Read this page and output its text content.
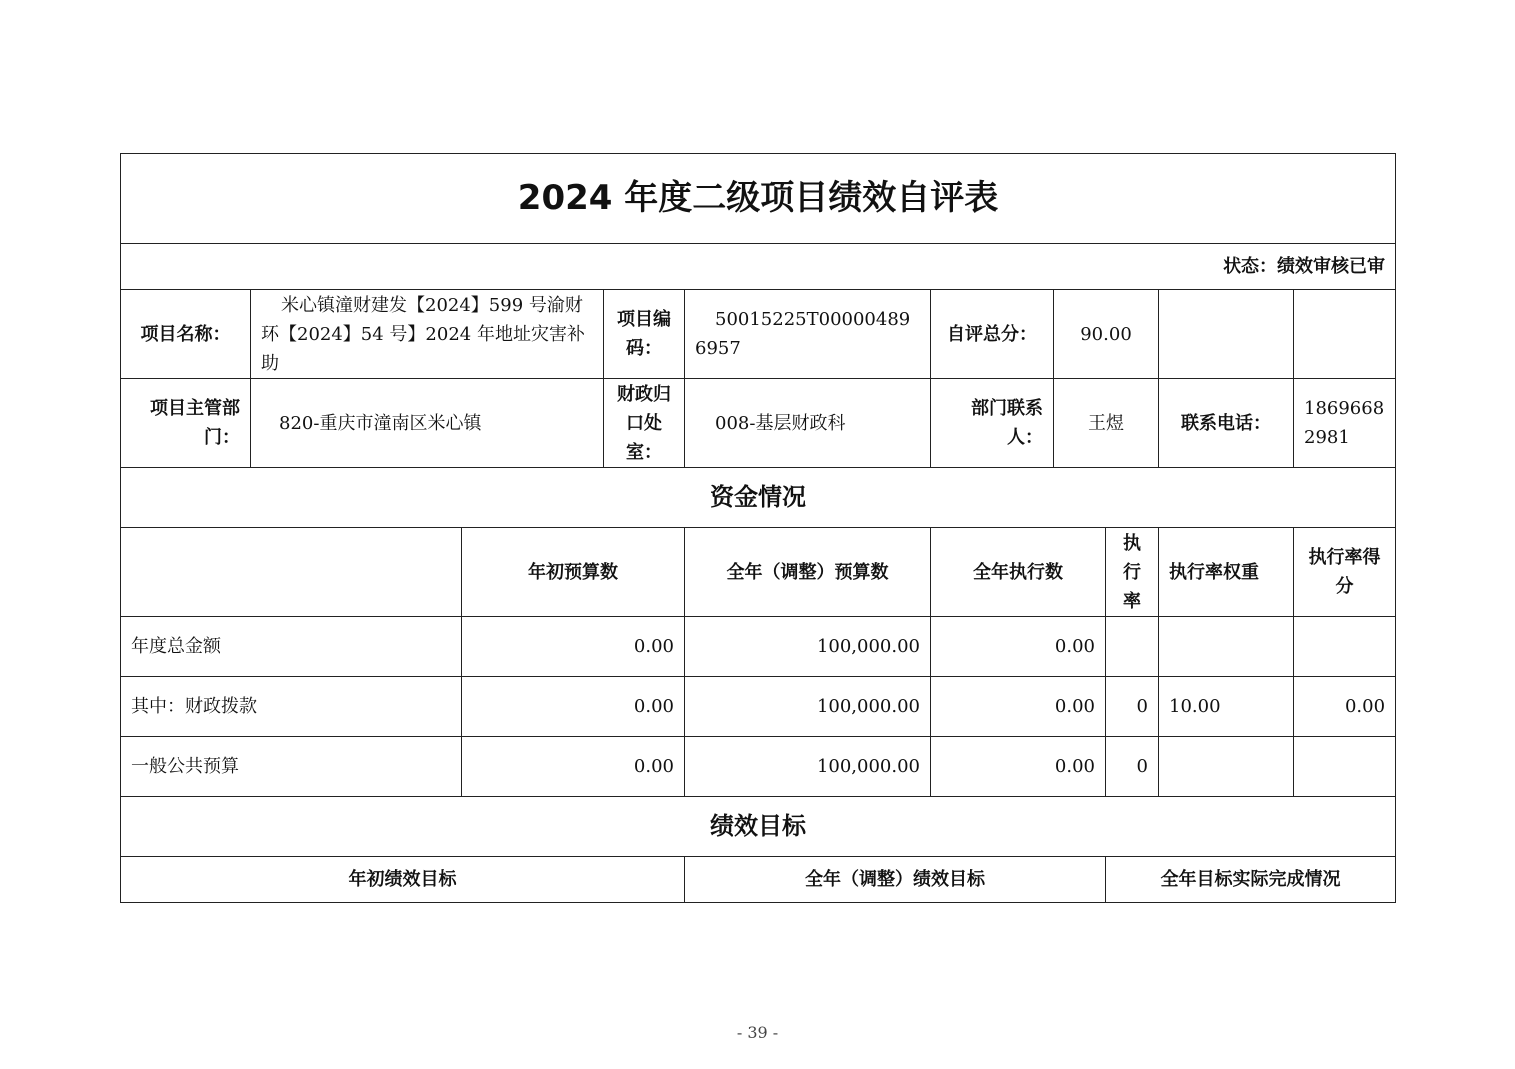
2024 年度二级项目绩效自评表									
状态：绩效审核已审									
项目名称：	米心镇潼财建发【2024】599 号渝财环【2024】54 号】2024 年地址灾害补助		项目编码：	50015225T000004896957	自评总分：	90.00			
项目主管部门：	820-重庆市潼南区米心镇		财政归口处室：	008-基层财政科	部门联系人：	王煜		联系电话：	18696682981
资金情况									
		年初预算数		全年（调整）预算数	全年执行数		执行率	执行率权重	执行率得分
年度总金额		0.00		100,000.00	0.00				
其中：财政拨款		0.00		100,000.00	0.00		0	10.00	0.00
一般公共预算		0.00		100,000.00	0.00		0		
绩效目标									
年初绩效目标				全年（调整）绩效目标			全年目标实际完成情况		
- 39 -
